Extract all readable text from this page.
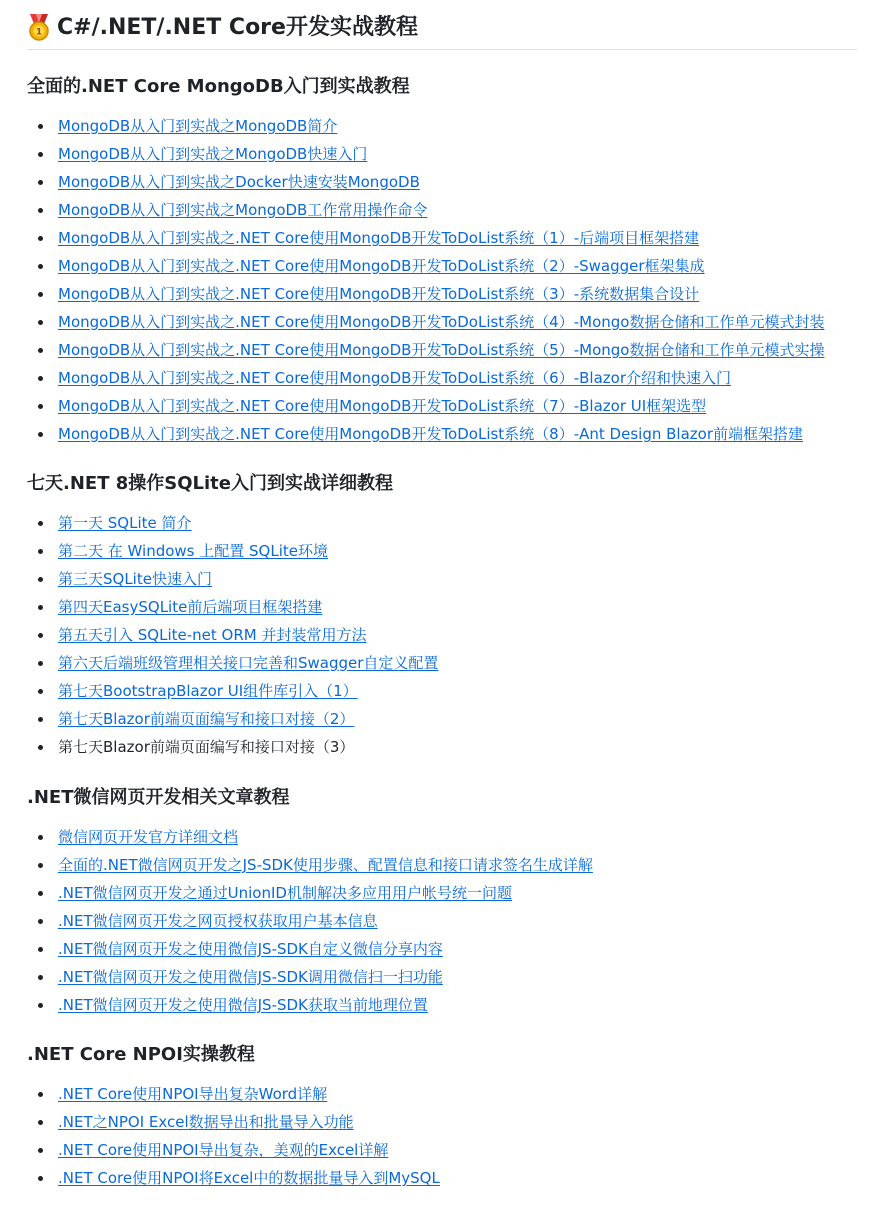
1 C#/.NET/.NET Core开发实战教程
全面的.NET Core MongoDB入门到实战教程
MongoDB从入门到实战之MongoDB简介
MongoDB从入门到实战之MongoDB快速入门
MongoDB从入门到实战之Docker快速安装MongoDB
MongoDB从入门到实战之MongoDB工作常用操作命令
MongoDB从入门到实战之.NET Core使用MongoDB开发ToDoList系统（1）-后端项目框架搭建
MongoDB从入门到实战之.NET Core使用MongoDB开发ToDoList系统（2）-Swagger框架集成
MongoDB从入门到实战之.NET Core使用MongoDB开发ToDoList系统（3）-系统数据集合设计
MongoDB从入门到实战之.NET Core使用MongoDB开发ToDoList系统（4）-Mongo数据仓储和工作单元模式封装
MongoDB从入门到实战之.NET Core使用MongoDB开发ToDoList系统（5）-Mongo数据仓储和工作单元模式实操
MongoDB从入门到实战之.NET Core使用MongoDB开发ToDoList系统（6）-Blazor介绍和快速入门
MongoDB从入门到实战之.NET Core使用MongoDB开发ToDoList系统（7）-Blazor UI框架选型
MongoDB从入门到实战之.NET Core使用MongoDB开发ToDoList系统（8）-Ant Design Blazor前端框架搭建
七天.NET 8操作SQLite入门到实战详细教程
第一天 SQLite 简介
第二天 在 Windows 上配置 SQLite环境
第三天SQLite快速入门
第四天EasySQLite前后端项目框架搭建
第五天引入 SQLite-net ORM 并封装常用方法
第六天后端班级管理相关接口完善和Swagger自定义配置
第七天BootstrapBlazor UI组件库引入（1）
第七天Blazor前端页面编写和接口对接（2）
第七天Blazor前端页面编写和接口对接（3）
.NET微信网页开发相关文章教程
微信网页开发官方详细文档
全面的.NET微信网页开发之JS-SDK使用步骤、配置信息和接口请求签名生成详解
.NET微信网页开发之通过UnionID机制解决多应用用户帐号统一问题
.NET微信网页开发之网页授权获取用户基本信息
.NET微信网页开发之使用微信JS-SDK自定义微信分享内容
.NET微信网页开发之使用微信JS-SDK调用微信扫一扫功能
.NET微信网页开发之使用微信JS-SDK获取当前地理位置
.NET Core NPOI实操教程
.NET Core使用NPOI导出复杂Word详解
.NET之NPOI Excel数据导出和批量导入功能
.NET Core使用NPOI导出复杂，美观的Excel详解
.NET Core使用NPOI将Excel中的数据批量导入到MySQL
